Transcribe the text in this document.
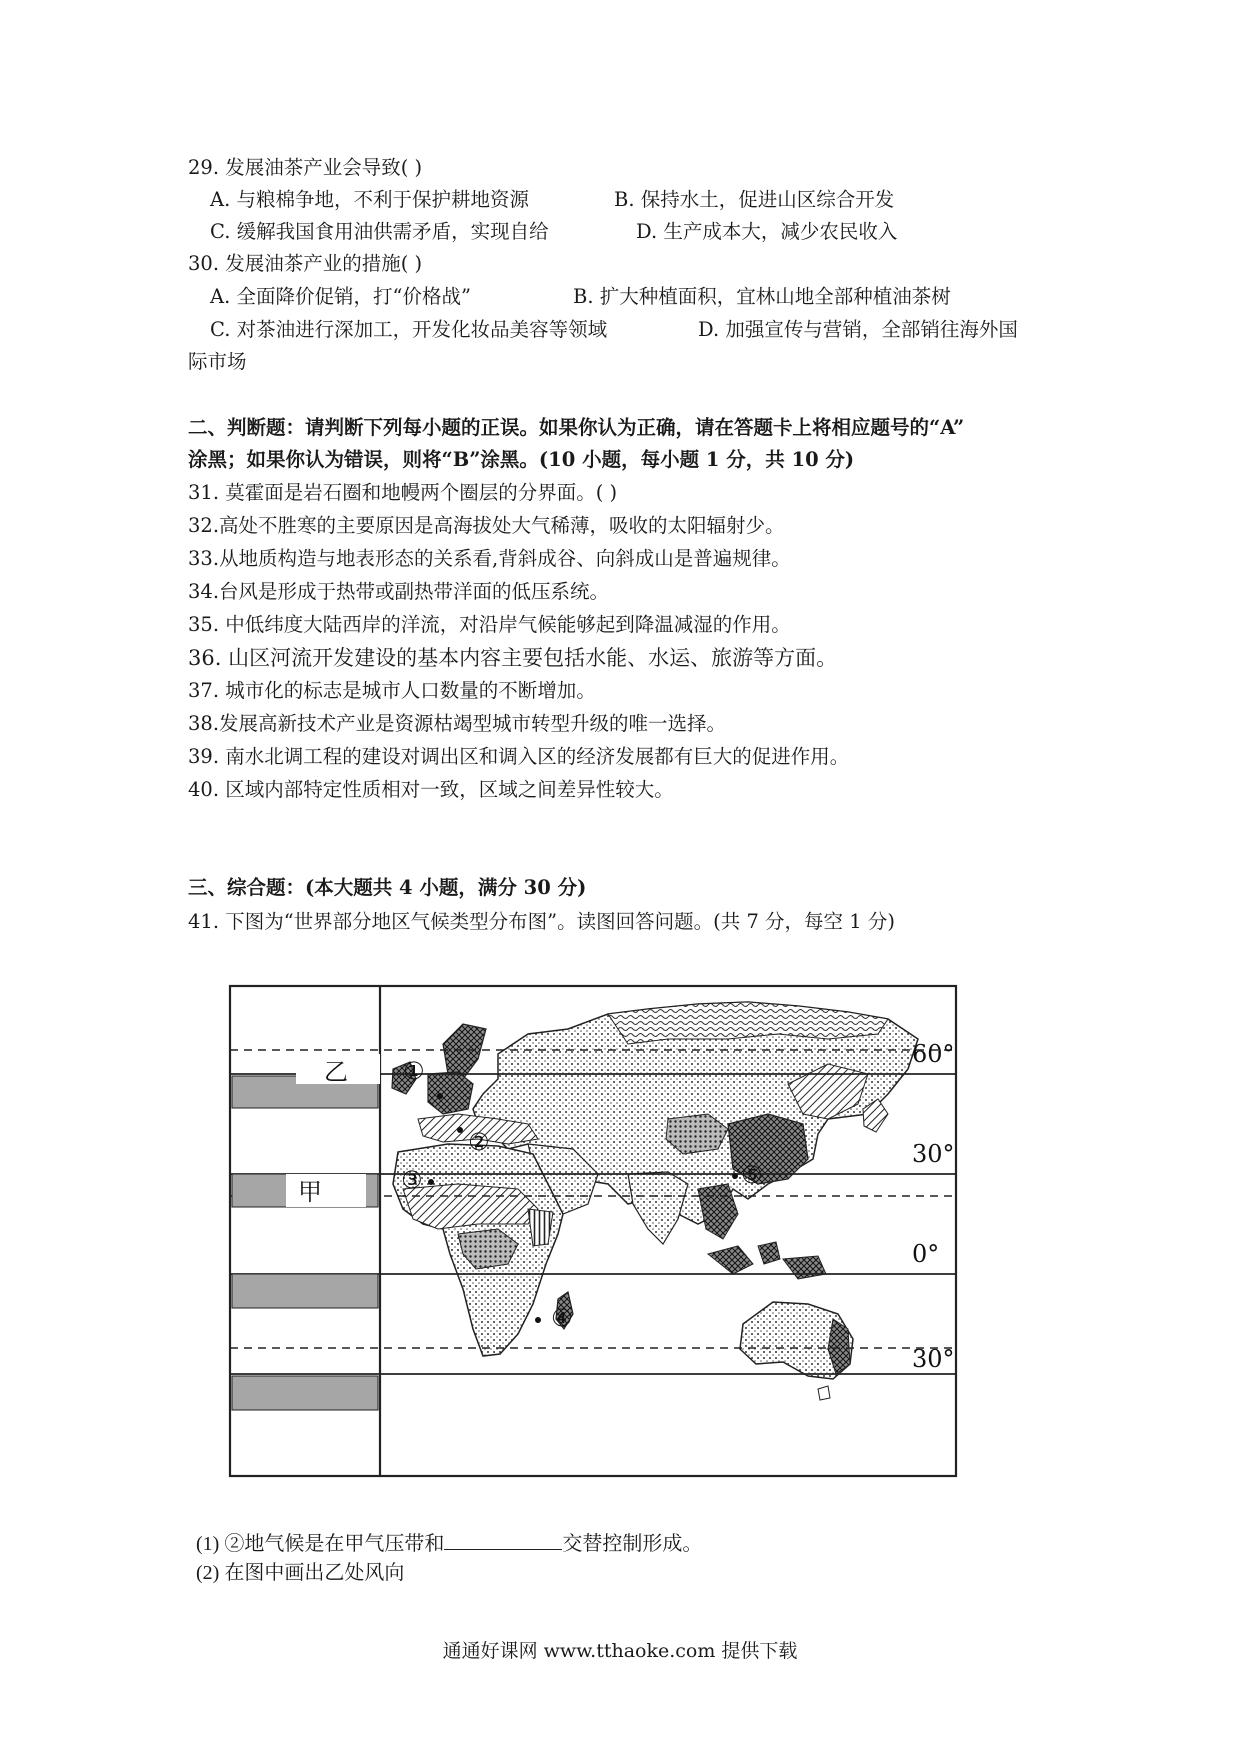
29. 发展油茶产业会导致( )
A. 与粮棉争地，不利于保护耕地资源	B. 保持水土，促进山区综合开发
C. 缓解我国食用油供需矛盾，实现自给	D. 生产成本大，减少农民收入
30. 发展油茶产业的措施( )
A. 全面降价促销，打“价格战”	B. 扩大种植面积，宜林山地全部种植油茶树
C. 对茶油进行深加工，开发化妆品美容等领域	D. 加强宣传与营销，全部销往海外国
际市场
二、判断题：请判断下列每小题的正误。如果你认为正确，请在答题卡上将相应题号的“A”
涂黑；如果你认为错误，则将“B”涂黑。(10 小题，每小题 1 分，共 10 分)
31. 莫霍面是岩石圈和地幔两个圈层的分界面。( )
32.高处不胜寒的主要原因是高海拔处大气稀薄，吸收的太阳辐射少。
33.从地质构造与地表形态的关系看,背斜成谷、向斜成山是普遍规律。
34.台风是形成于热带或副热带洋面的低压系统。
35. 中低纬度大陆西岸的洋流，对沿岸气候能够起到降温减湿的作用。
36. 山区河流开发建设的基本内容主要包括水能、水运、旅游等方面。
37. 城市化的标志是城市人口数量的不断增加。
38.发展高新技术产业是资源枯竭型城市转型升级的唯一选择。
39. 南水北调工程的建设对调出区和调入区的经济发展都有巨大的促进作用。
40. 区域内部特定性质相对一致，区域之间差异性较大。
三、综合题：(本大题共 4 小题，满分 30 分)
41. 下图为“世界部分地区气候类型分布图”。读图回答问题。(共 7 分，每空 1 分)
乙
甲
60°
30°
0°
30°
①
②
③
④
⑤
(1) ②地气候是在甲气压带和	交替控制形成。
(2) 在图中画出乙处风向
通通好课网 www.tthaoke.com 提供下载
